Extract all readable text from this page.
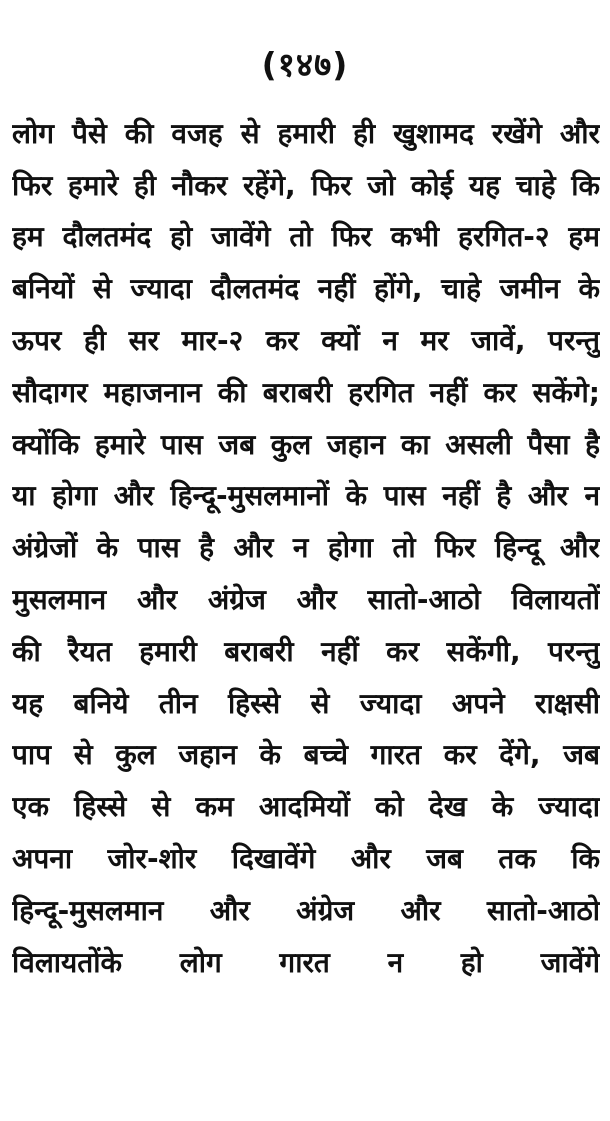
(१४७)
लोग पैसे की वजह से हमारी ही खुशामद रखेंगे और
फिर हमारे ही नौकर रहेंगे, फिर जो कोई यह चाहे कि
हम दौलतमंद हो जावेंगे तो फिर कभी हरगित-२ हम
बनियों से ज्यादा दौलतमंद नहीं होंगे, चाहे जमीन के
ऊपर ही सर मार-२ कर क्यों न मर जावें, परन्तु
सौदागर महाजनान की बराबरी हरगित नहीं कर सकेंगे;
क्योंकि हमारे पास जब कुल जहान का असली पैसा है
या होगा और हिन्दू-मुसलमानों के पास नहीं है और न
अंग्रेजों के पास है और न होगा तो फिर हिन्दू और
मुसलमान और अंग्रेज और सातो-आठो विलायतों
की रैयत हमारी बराबरी नहीं कर सकेंगी, परन्तु
यह बनिये तीन हिस्से से ज्यादा अपने राक्षसी
पाप से कुल जहान के बच्चे गारत कर देंगे, जब
एक हिस्से से कम आदमियों को देख के ज्यादा
अपना जोर-शोर दिखावेंगे और जब तक कि
हिन्दू-मुसलमान और अंग्रेज और सातो-आठो
विलायतोंके लोग गारत न हो जावेंगे
